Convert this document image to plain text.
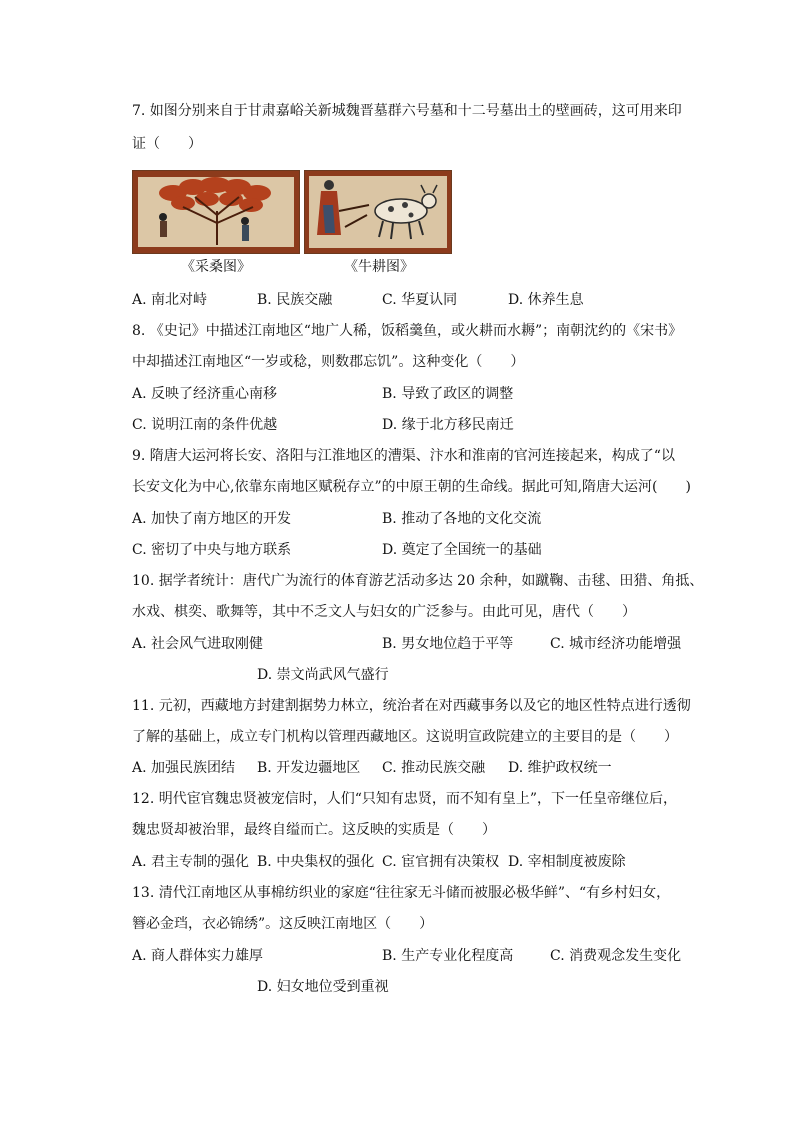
7. 如图分别来自于甘肃嘉峪关新城魏晋墓群六号墓和十二号墓出土的壁画砖，这可用来印
证（　　）
《采桑图》	《牛耕图》
A. 南北对峙	B. 民族交融	C. 华夏认同	D. 休养生息
8. 《史记》中描述江南地区“地广人稀，饭稻羹鱼，或火耕而水耨”；南朝沈约的《宋书》
中却描述江南地区“一岁或稔，则数郡忘饥”。这种变化（　　）
A. 反映了经济重心南移	B. 导致了政区的调整
C. 说明江南的条件优越	D. 缘于北方移民南迁
9. 隋唐大运河将长安、洛阳与江淮地区的漕渠、汴水和淮南的官河连接起来，构成了“以
长安文化为中心,依靠东南地区赋税存立”的中原王朝的生命线。据此可知,隋唐大运河(　　)
A. 加快了南方地区的开发	B. 推动了各地的文化交流
C. 密切了中央与地方联系	D. 奠定了全国统一的基础
10. 据学者统计：唐代广为流行的体育游艺活动多达 20 余种，如蹴鞠、击毬、田猎、角抵、
水戏、棋奕、歌舞等，其中不乏文人与妇女的广泛参与。由此可见，唐代（　　）
A. 社会风气进取刚健	B. 男女地位趋于平等	C. 城市经济功能增强
D. 崇文尚武风气盛行
11. 元初，西藏地方封建割据势力林立，统治者在对西藏事务以及它的地区性特点进行透彻
了解的基础上，成立专门机构以管理西藏地区。这说明宣政院建立的主要目的是（　　）
A. 加强民族团结 B. 开发边疆地区 C. 推动民族交融 D. 维护政权统一
12. 明代宦官魏忠贤被宠信时，人们“只知有忠贤，而不知有皇上”，下一任皇帝继位后，
魏忠贤却被治罪，最终自缢而亡。这反映的实质是（　　）
A. 君主专制的强化 B. 中央集权的强化 C. 宦官拥有决策权 D. 宰相制度被废除
13. 清代江南地区从事棉纺织业的家庭“往往家无斗储而被服必极华鲜”、“有乡村妇女，
簪必金珰，衣必锦绣”。这反映江南地区（　　）
A. 商人群体实力雄厚	B. 生产专业化程度高	C. 消费观念发生变化
D. 妇女地位受到重视
